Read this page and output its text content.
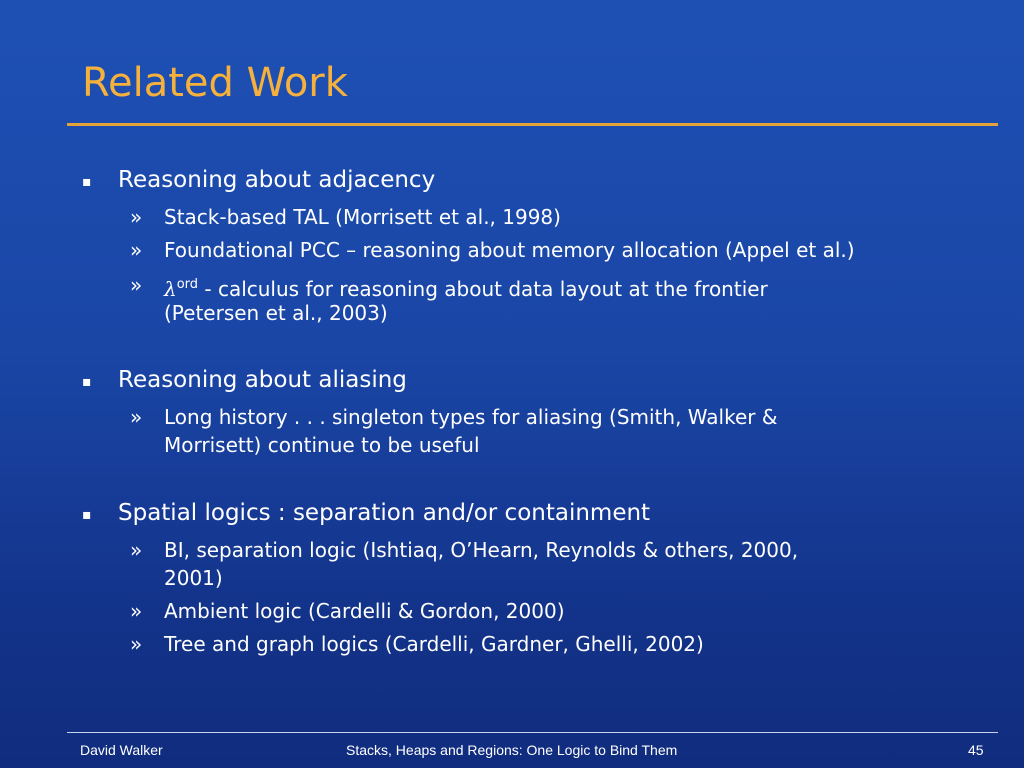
Related Work
▪ Reasoning about adjacency
» Stack-based TAL (Morrisett et al., 1998)
» Foundational PCC – reasoning about memory allocation (Appel et al.)
» $\lambda^{ord}$ - calculus for reasoning about data layout at the frontier
(Petersen et al., 2003)
▪ Reasoning about aliasing
» Long history . . . singleton types for aliasing (Smith, Walker &
Morrisett) continue to be useful
▪ Spatial logics : separation and/or containment
» BI, separation logic (Ishtiaq, O’Hearn, Reynolds & others, 2000,
2001)
» Ambient logic (Cardelli & Gordon, 2000)
» Tree and graph logics (Cardelli, Gardner, Ghelli, 2002)
David Walker	Stacks, Heaps and Regions: One Logic to Bind Them	45
